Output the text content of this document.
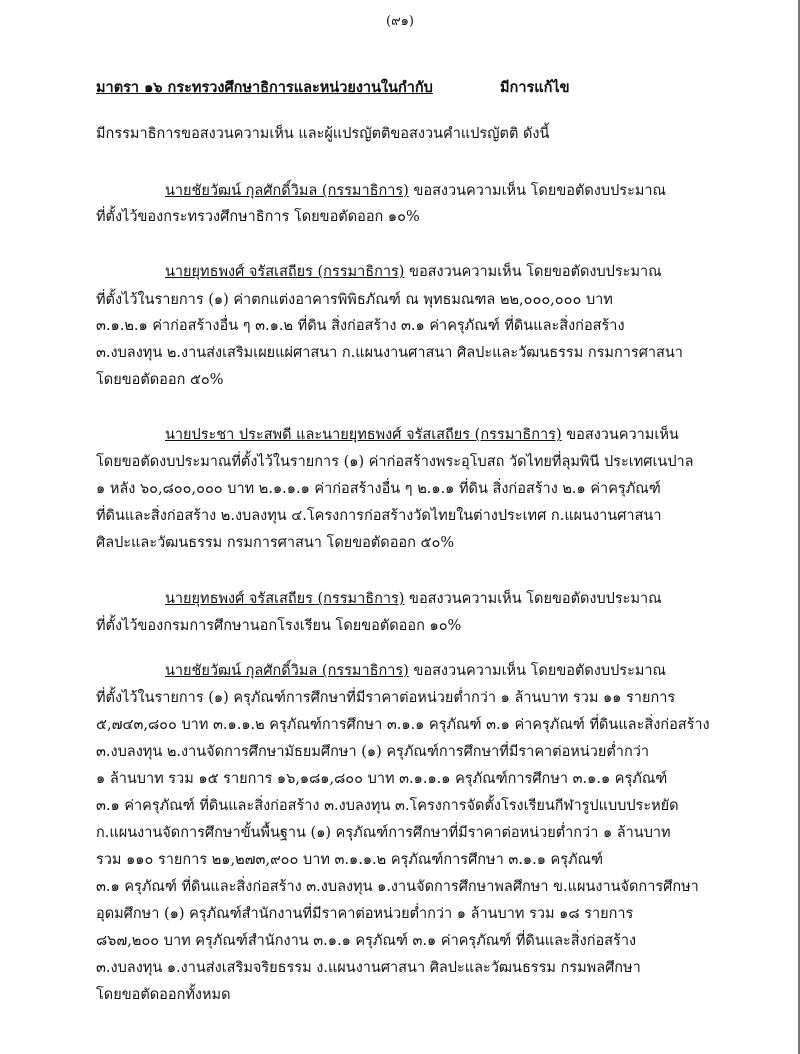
(๙๑)
มาตรา ๑๖ กระทรวงศึกษาธิการและหน่วยงานในกำกับ	มีการแก้ไข
มีกรรมาธิการขอสงวนความเห็น และผู้แปรญัตติขอสงวนคำแปรญัตติ ดังนี้
นายชัยวัฒน์ กุลศักดิ์วิมล (กรรมาธิการ) ขอสงวนความเห็น โดยขอตัดงบประมาณ
ที่ตั้งไว้ของกระทรวงศึกษาธิการ โดยขอตัดออก ๑๐%
นายยุทธพงศ์ จรัสเสถียร (กรรมาธิการ) ขอสงวนความเห็น โดยขอตัดงบประมาณ
ที่ตั้งไว้ในรายการ (๑) ค่าตกแต่งอาคารพิพิธภัณฑ์ ณ พุทธมณฑล ๒๒,๐๐๐,๐๐๐ บาท
๓.๑.๒.๑ ค่าก่อสร้างอื่น ๆ ๓.๑.๒ ที่ดิน สิ่งก่อสร้าง ๓.๑ ค่าครุภัณฑ์ ที่ดินและสิ่งก่อสร้าง
๓.งบลงทุน ๒.งานส่งเสริมเผยแผ่ศาสนา ก.แผนงานศาสนา ศิลปะและวัฒนธรรม กรมการศาสนา
โดยขอตัดออก ๕๐%
นายประชา ประสพดี และนายยุทธพงศ์ จรัสเสถียร (กรรมาธิการ) ขอสงวนความเห็น
โดยขอตัดงบประมาณที่ตั้งไว้ในรายการ (๑) ค่าก่อสร้างพระอุโบสถ วัดไทยที่ลุมพินี ประเทศเนปาล
๑ หลัง ๖๐,๘๐๐,๐๐๐ บาท ๒.๑.๑.๑ ค่าก่อสร้างอื่น ๆ ๒.๑.๑ ที่ดิน สิ่งก่อสร้าง ๒.๑ ค่าครุภัณฑ์
ที่ดินและสิ่งก่อสร้าง ๒.งบลงทุน ๔.โครงการก่อสร้างวัดไทยในต่างประเทศ ก.แผนงานศาสนา
ศิลปะและวัฒนธรรม กรมการศาสนา โดยขอตัดออก ๕๐%
นายยุทธพงศ์ จรัสเสถียร (กรรมาธิการ) ขอสงวนความเห็น โดยขอตัดงบประมาณ
ที่ตั้งไว้ของกรมการศึกษานอกโรงเรียน โดยขอตัดออก ๑๐%
นายชัยวัฒน์ กุลศักดิ์วิมล (กรรมาธิการ) ขอสงวนความเห็น โดยขอตัดงบประมาณ
ที่ตั้งไว้ในรายการ (๑) ครุภัณฑ์การศึกษาที่มีราคาต่อหน่วยต่ำกว่า ๑ ล้านบาท รวม ๑๑ รายการ
๕,๗๔๓,๘๐๐ บาท ๓.๑.๑.๒ ครุภัณฑ์การศึกษา ๓.๑.๑ ครุภัณฑ์ ๓.๑ ค่าครุภัณฑ์ ที่ดินและสิ่งก่อสร้าง
๓.งบลงทุน ๒.งานจัดการศึกษามัธยมศึกษา (๑) ครุภัณฑ์การศึกษาที่มีราคาต่อหน่วยต่ำกว่า
๑ ล้านบาท รวม ๑๕ รายการ ๑๖,๑๘๑,๘๐๐ บาท ๓.๑.๑.๑ ครุภัณฑ์การศึกษา ๓.๑.๑ ครุภัณฑ์
๓.๑ ค่าครุภัณฑ์ ที่ดินและสิ่งก่อสร้าง ๓.งบลงทุน ๓.โครงการจัดตั้งโรงเรียนกีฬารูปแบบประหยัด
ก.แผนงานจัดการศึกษาขั้นพื้นฐาน (๑) ครุภัณฑ์การศึกษาที่มีราคาต่อหน่วยต่ำกว่า ๑ ล้านบาท
รวม ๑๑๐ รายการ ๒๑,๒๗๓,๙๐๐ บาท ๓.๑.๑.๒ ครุภัณฑ์การศึกษา ๓.๑.๑ ครุภัณฑ์
๓.๑ ครุภัณฑ์ ที่ดินและสิ่งก่อสร้าง ๓.งบลงทุน ๑.งานจัดการศึกษาพลศึกษา ข.แผนงานจัดการศึกษา
อุดมศึกษา (๑) ครุภัณฑ์สำนักงานที่มีราคาต่อหน่วยต่ำกว่า ๑ ล้านบาท รวม ๑๘ รายการ
๘๖๗,๒๐๐ บาท ครุภัณฑ์สำนักงาน ๓.๑.๑ ครุภัณฑ์ ๓.๑ ค่าครุภัณฑ์ ที่ดินและสิ่งก่อสร้าง
๓.งบลงทุน ๑.งานส่งเสริมจริยธรรม ง.แผนงานศาสนา ศิลปะและวัฒนธรรม กรมพลศึกษา
โดยขอตัดออกทั้งหมด
